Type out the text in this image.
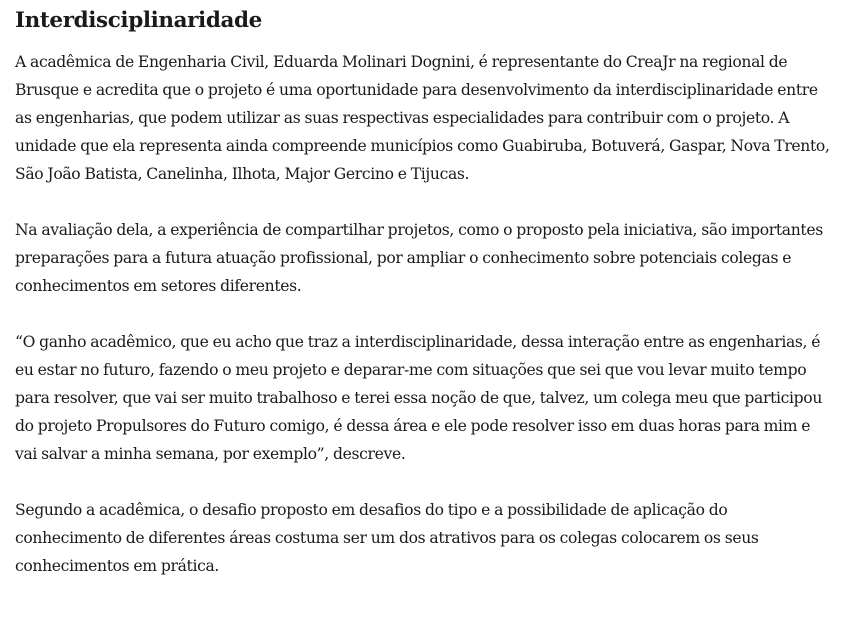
Interdisciplinaridade

A acadêmica de Engenharia Civil, Eduarda Molinari Dognini, é representante do CreaJr na regional de Brusque e acredita que o projeto é uma oportunidade para desenvolvimento da interdisciplinaridade entre as engenharias, que podem utilizar as suas respectivas especialidades para contribuir com o projeto. A unidade que ela representa ainda compreende municípios como Guabiruba, Botuverá, Gaspar, Nova Trento, São João Batista, Canelinha, Ilhota, Major Gercino e Tijucas.

Na avaliação dela, a experiência de compartilhar projetos, como o proposto pela iniciativa, são importantes preparações para a futura atuação profissional, por ampliar o conhecimento sobre potenciais colegas e conhecimentos em setores diferentes.

“O ganho acadêmico, que eu acho que traz a interdisciplinaridade, dessa interação entre as engenharias, é eu estar no futuro, fazendo o meu projeto e deparar-me com situações que sei que vou levar muito tempo para resolver, que vai ser muito trabalhoso e terei essa noção de que, talvez, um colega meu que participou do projeto Propulsores do Futuro comigo, é dessa área e ele pode resolver isso em duas horas para mim e vai salvar a minha semana, por exemplo”, descreve.

Segundo a acadêmica, o desafio proposto em desafios do tipo e a possibilidade de aplicação do conhecimento de diferentes áreas costuma ser um dos atrativos para os colegas colocarem os seus conhecimentos em prática.
